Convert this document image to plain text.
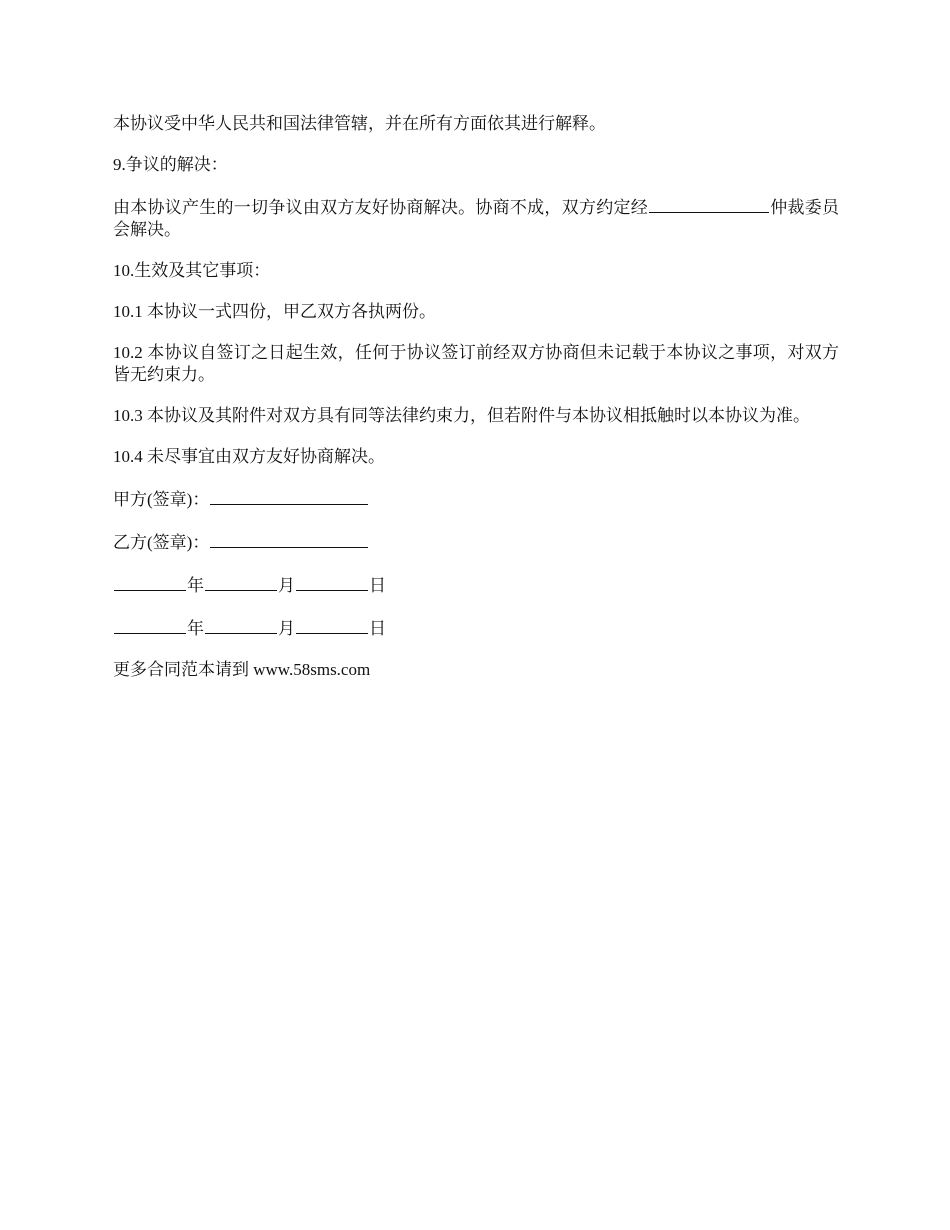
本协议受中华人民共和国法律管辖，并在所有方面依其进行解释。

9.争议的解决：

由本协议产生的一切争议由双方友好协商解决。协商不成，双方约定经	仲裁委员会解决。

10.生效及其它事项：

10.1 本协议一式四份，甲乙双方各执两份。

10.2 本协议自签订之日起生效，任何于协议签订前经双方协商但未记载于本协议之事项，对双方皆无约束力。

10.3 本协议及其附件对双方具有同等法律约束力，但若附件与本协议相抵触时以本协议为准。

10.4 未尽事宜由双方友好协商解决。

甲方(签章)：

乙方(签章)：

年	月	日

年	月	日

更多合同范本请到 www.58sms.com
